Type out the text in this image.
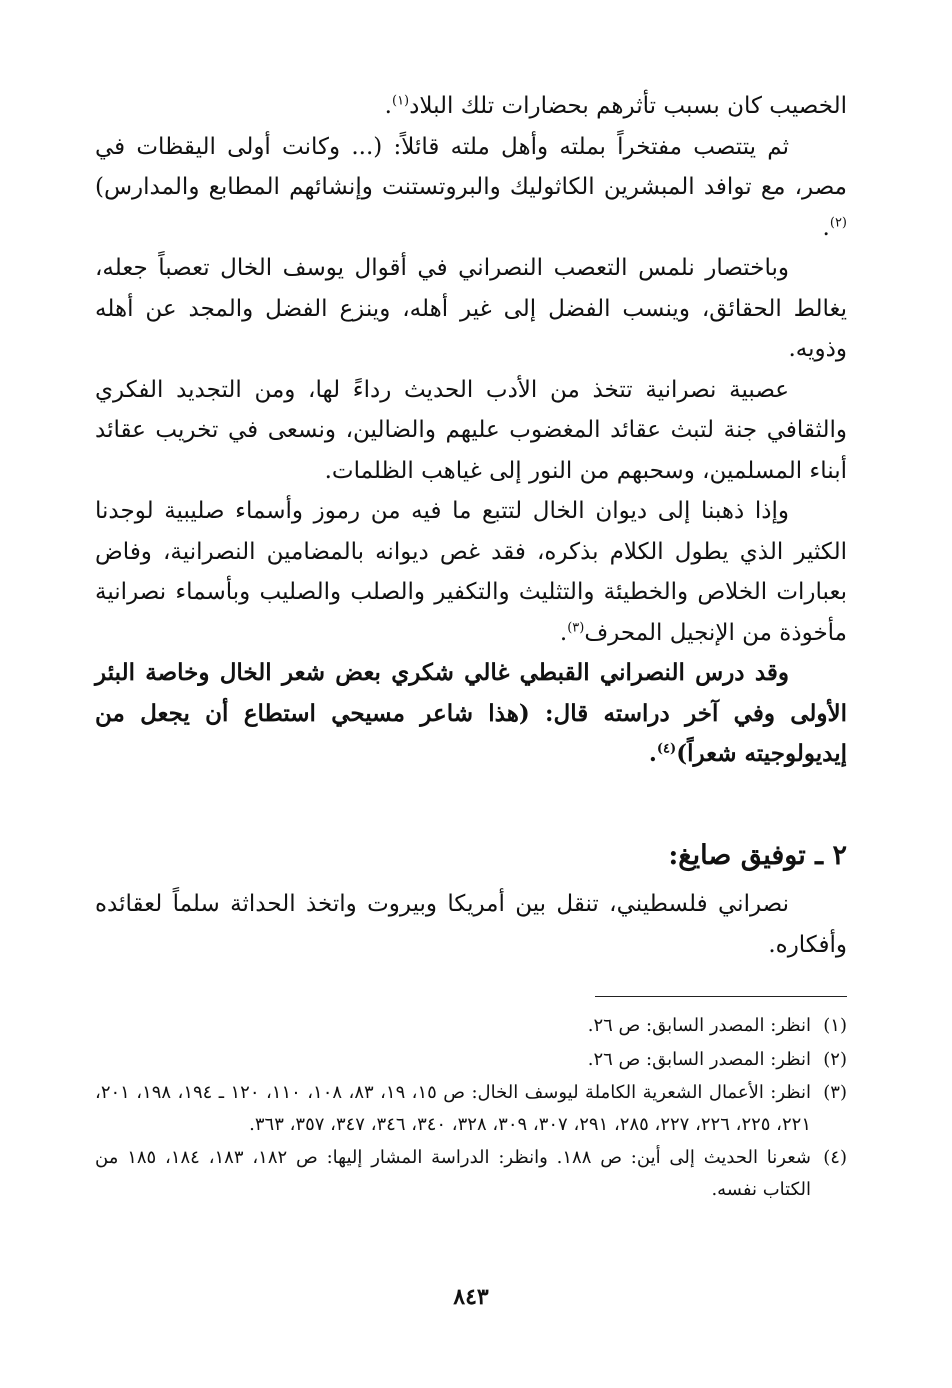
الخصيب كان بسبب تأثرهم بحضارات تلك البلاد$^{(١)}$.

ثم يتتصب مفتخراً بملته وأهل ملته قائلاً: (... وكانت أولى اليقظات في مصر، مع توافد المبشرين الكاثوليك والبروتستنت وإنشائهم المطابع والمدارس)$^{(٢)}$.

وباختصار نلمس التعصب النصراني في أقوال يوسف الخال تعصباً جعله، يغالط الحقائق، وينسب الفضل إلى غير أهله، وينزع الفضل والمجد عن أهله وذويه.

عصبية نصرانية تتخذ من الأدب الحديث رداءً لها، ومن التجديد الفكري والثقافي جنة لتبث عقائد المغضوب عليهم والضالين، ونسعى في تخريب عقائد أبناء المسلمين، وسحبهم من النور إلى غياهب الظلمات.

وإذا ذهبنا إلى ديوان الخال لتتبع ما فيه من رموز وأسماء صليبية لوجدنا الكثير الذي يطول الكلام بذكره، فقد غص ديوانه بالمضامين النصرانية، وفاض بعبارات الخلاص والخطيئة والتثليث والتكفير والصلب والصليب وبأسماء نصرانية مأخوذة من الإنجيل المحرف$^{(٣)}$.

وقد درس النصراني القبطي غالي شكري بعض شعر الخال وخاصة البئر الأولى وفي آخر دراسته قال: (هذا شاعر مسيحي استطاع أن يجعل من إيديولوجيته شعراً)$^{(٤)}$.

٢ ـ توفيق صايغ:

نصراني فلسطيني، تنقل بين أمريكا وبيروت واتخذ الحداثة سلماً لعقائده وأفكاره.

(١)
انظر: المصدر السابق: ص ٢٦.
(٢)
انظر: المصدر السابق: ص ٢٦.
(٣)
انظر: الأعمال الشعرية الكاملة ليوسف الخال: ص ١٥، ١٩، ٨٣، ١٠٨، ١١٠، ١٢٠ ـ ١٩٤، ١٩٨، ٢٠١، ٢٢١، ٢٢٥، ٢٢٦، ٢٢٧، ٢٨٥، ٢٩١، ٣٠٧، ٣٠٩، ٣٢٨، ٣٤٠، ٣٤٦، ٣٤٧، ٣٥٧، ٣٦٣.
(٤)
شعرنا الحديث إلى أين: ص ١٨٨. وانظر: الدراسة المشار إليها: ص ١٨٢، ١٨٣، ١٨٤، ١٨٥ من الكتاب نفسه.
٨٤٣
